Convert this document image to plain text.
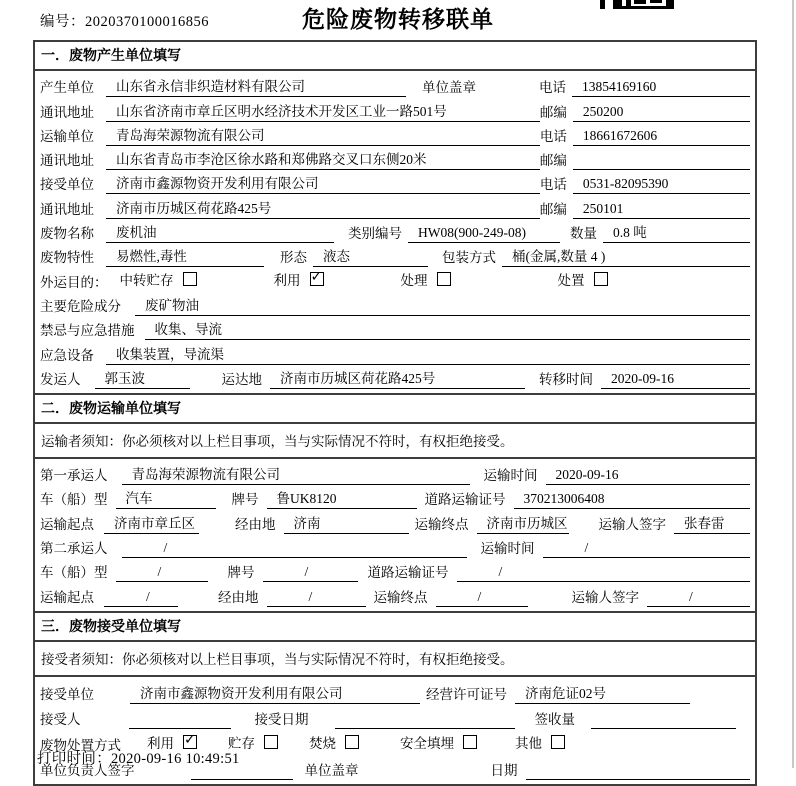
编号：2020370100016856	危险废物转移联单
一．废物产生单位填写
产生单位	山东省永信非织造材料有限公司	单位盖章	电话	13854169160
通讯地址	山东省济南市章丘区明水经济技术开发区工业一路501号	邮编	250200
运输单位	青岛海荣源物流有限公司	电话	18661672606
通讯地址	山东省青岛市李沧区徐水路和郑佛路交叉口东侧20米	邮编
接受单位	济南市鑫源物资开发利用有限公司	电话	0531-82095390
通讯地址	济南市历城区荷花路425号	邮编	250101
废物名称	废机油	类别编号	HW08(900-249-08)	数量	0.8 吨
废物特性	易燃性,毒性	形态	液态	包装方式	桶(金属,数量 4 )
外运目的： 中转贮存	利用 ✓	处理	处置
主要危险成分	废矿物油
禁忌与应急措施	收集、导流
应急设备	收集装置，导流渠
发运人	郭玉波	运达地	济南市历城区荷花路425号	转移时间	2020-09-16
二．废物运输单位填写
运输者须知：你必须核对以上栏目事项，当与实际情况不符时，有权拒绝接受。
第一承运人	青岛海荣源物流有限公司	运输时间	2020-09-16
车（船）型	汽车	牌号	鲁UK8120	道路运输证号	370213006408
运输起点	济南市章丘区	经由地	济南	运输终点	济南市历城区 运输人签字	张春雷
第二承运人	/	运输时间	/
车（船）型	/	牌号	/	道路运输证号	/
运输起点	/	经由地	/	运输终点	/	运输人签字	/
三．废物接受单位填写
接受者须知：你必须核对以上栏目事项，当与实际情况不符时，有权拒绝接受。
接受单位	济南市鑫源物资开发利用有限公司	经营许可证号	济南危证02号
接受人	接受日期	签收量
废物处置方式 利用 ✓	贮存	焚烧	安全填埋	其他
单位负责人签字	单位盖章	日期
打印时间：2020-09-16 10:49:51
